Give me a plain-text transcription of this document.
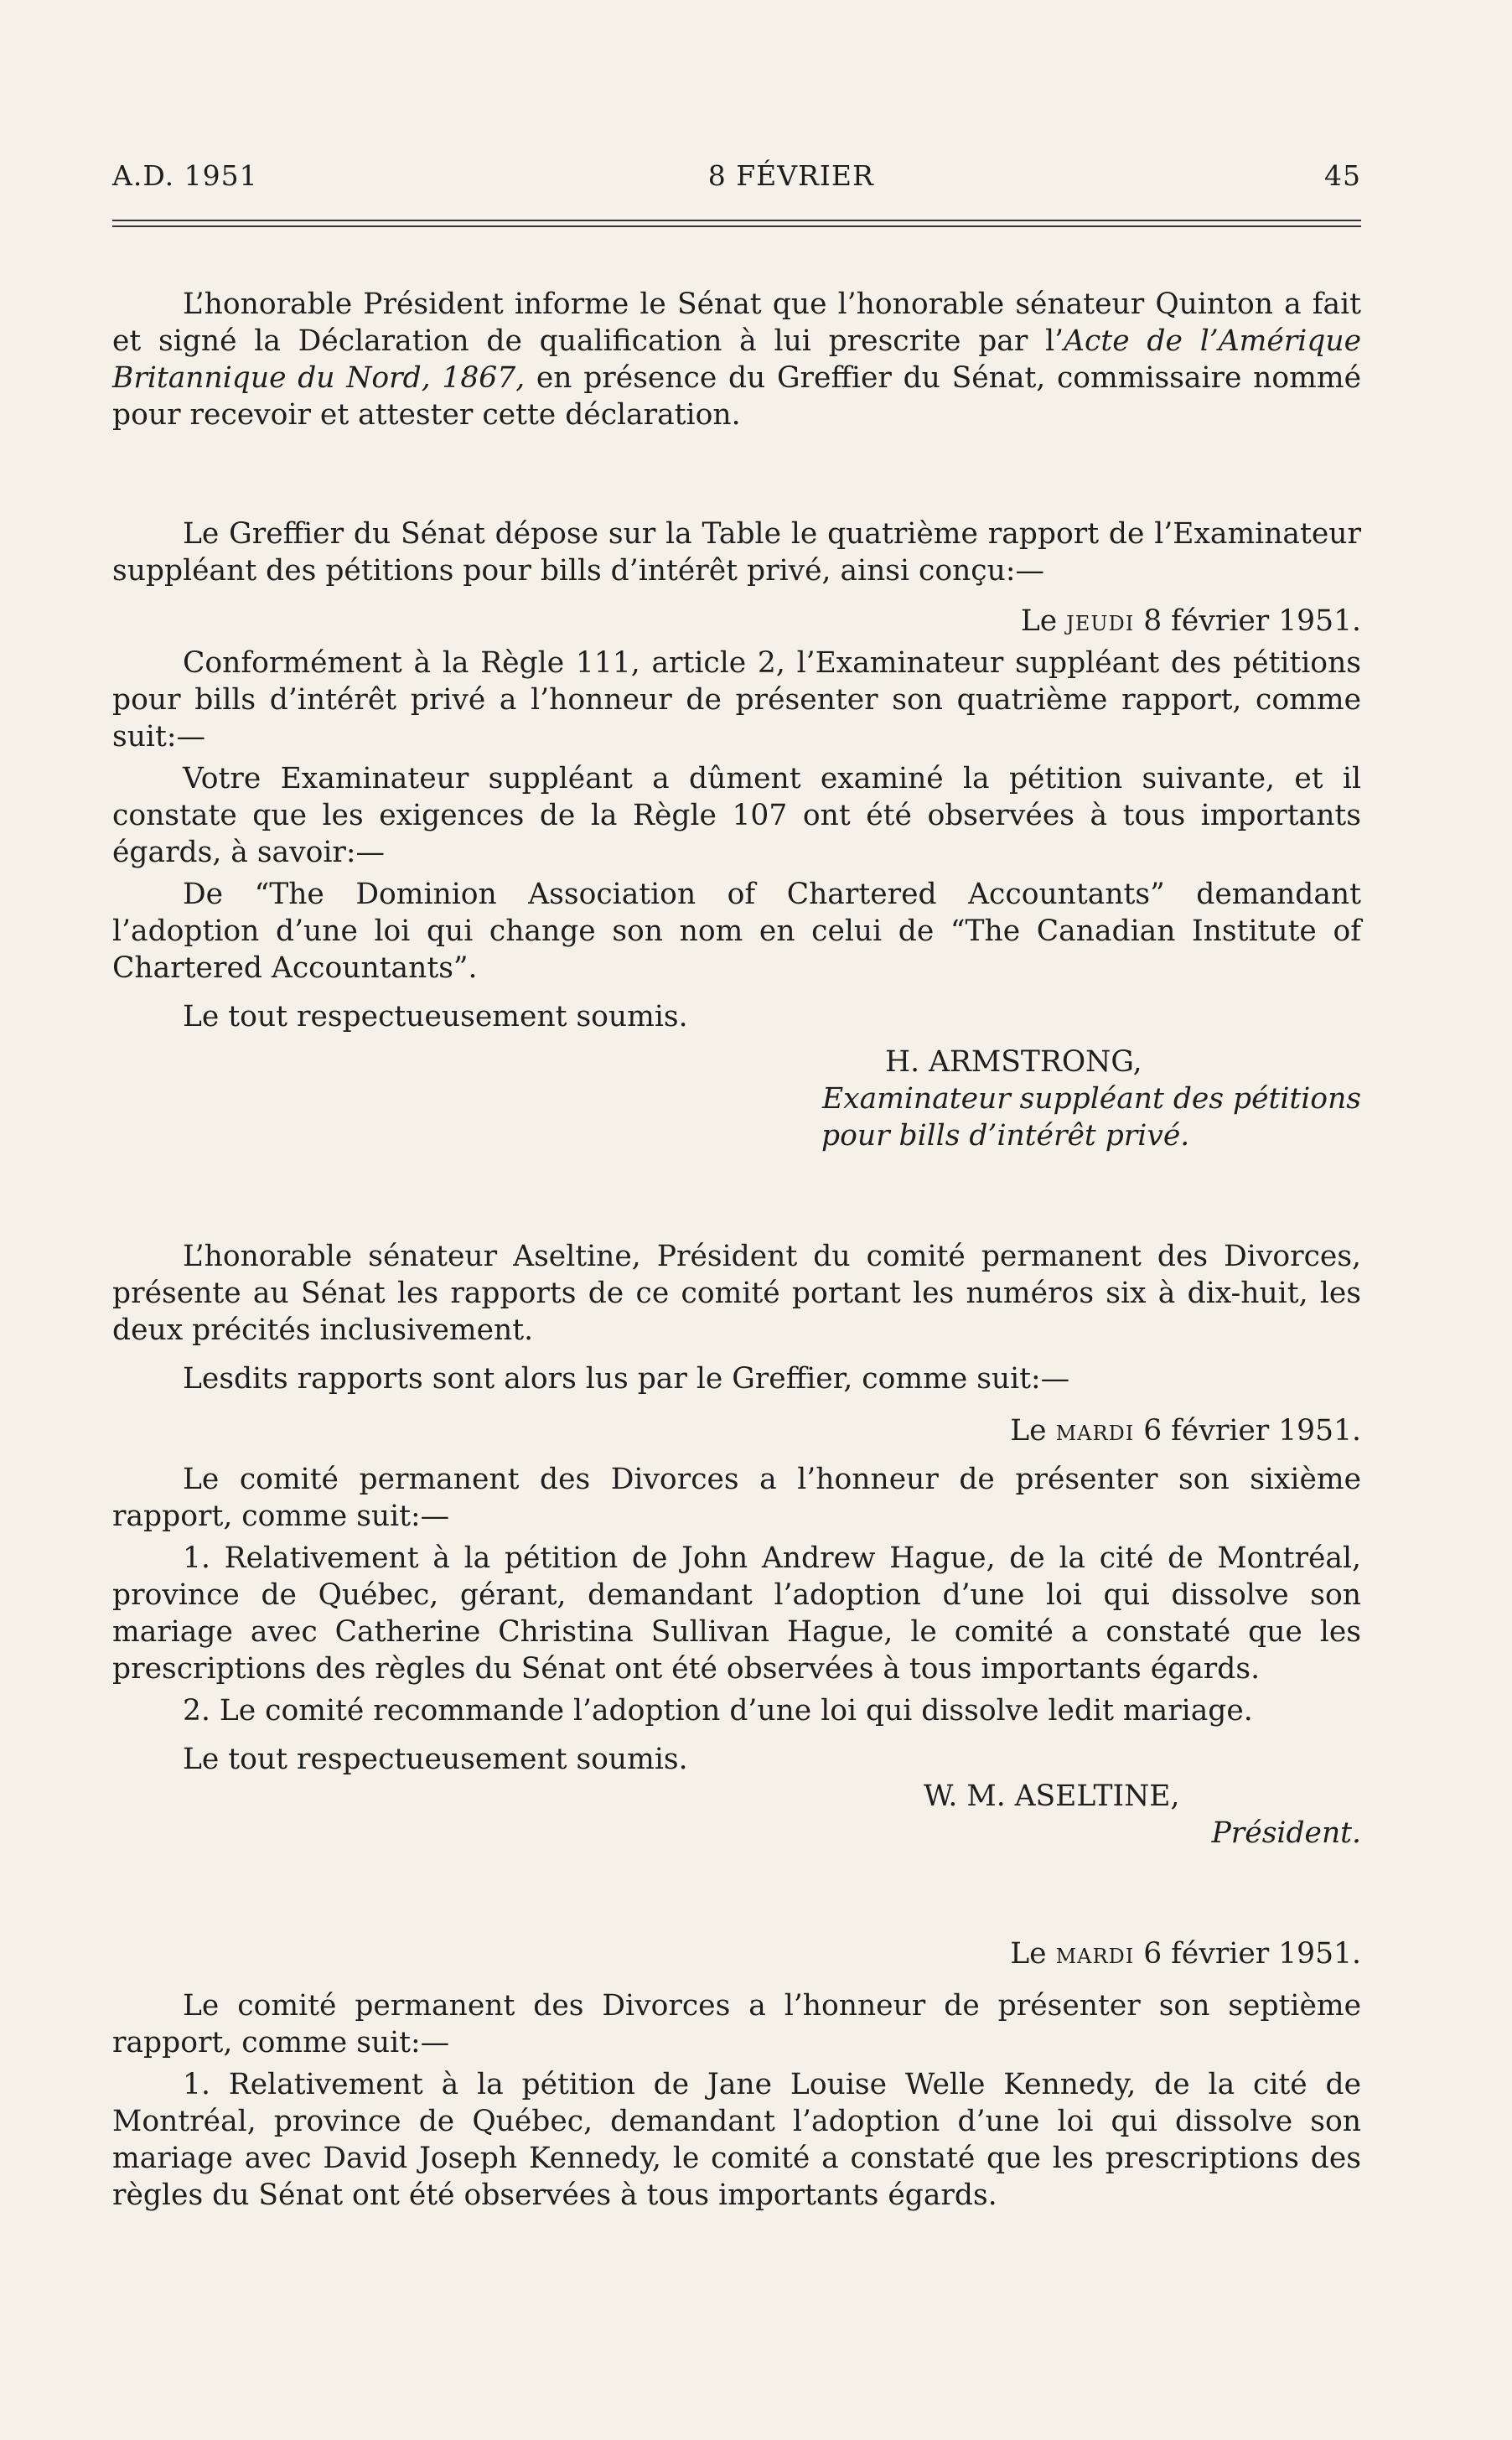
A.D. 1951	8 FÉVRIER	45

L’honorable Président informe le Sénat que l’honorable sénateur Quinton a fait et signé la Déclaration de qualification à lui prescrite par l’Acte de l’Amérique Britannique du Nord, 1867, en présence du Greffier du Sénat, commissaire nommé pour recevoir et attester cette déclaration.

Le Greffier du Sénat dépose sur la Table le quatrième rapport de l’Examinateur suppléant des pétitions pour bills d’intérêt privé, ainsi conçu:—

Le jeudi 8 février 1951.

Conformément à la Règle 111, article 2, l’Examinateur suppléant des pétitions pour bills d’intérêt privé a l’honneur de présenter son quatrième rapport, comme suit:—

Votre Examinateur suppléant a dûment examiné la pétition suivante, et il constate que les exigences de la Règle 107 ont été observées à tous importants égards, à savoir:—

De “The Dominion Association of Chartered Accountants” demandant l’adoption d’une loi qui change son nom en celui de “The Canadian Institute of Chartered Accountants”.

Le tout respectueusement soumis.

H. ARMSTRONG,
Examinateur suppléant des pétitions
pour bills d’intérêt privé.

L’honorable sénateur Aseltine, Président du comité permanent des Divorces, présente au Sénat les rapports de ce comité portant les numéros six à dix-huit, les deux précités inclusivement.

Lesdits rapports sont alors lus par le Greffier, comme suit:—

Le mardi 6 février 1951.

Le comité permanent des Divorces a l’honneur de présenter son sixième rapport, comme suit:—

1. Relativement à la pétition de John Andrew Hague, de la cité de Montréal, province de Québec, gérant, demandant l’adoption d’une loi qui dissolve son mariage avec Catherine Christina Sullivan Hague, le comité a constaté que les prescriptions des règles du Sénat ont été observées à tous importants égards.

2. Le comité recommande l’adoption d’une loi qui dissolve ledit mariage.

Le tout respectueusement soumis.

W. M. ASELTINE,
Président.
Le mardi 6 février 1951.

Le comité permanent des Divorces a l’honneur de présenter son septième rapport, comme suit:—

1. Relativement à la pétition de Jane Louise Welle Kennedy, de la cité de Montréal, province de Québec, demandant l’adoption d’une loi qui dissolve son mariage avec David Joseph Kennedy, le comité a constaté que les prescriptions des règles du Sénat ont été observées à tous importants égards.
